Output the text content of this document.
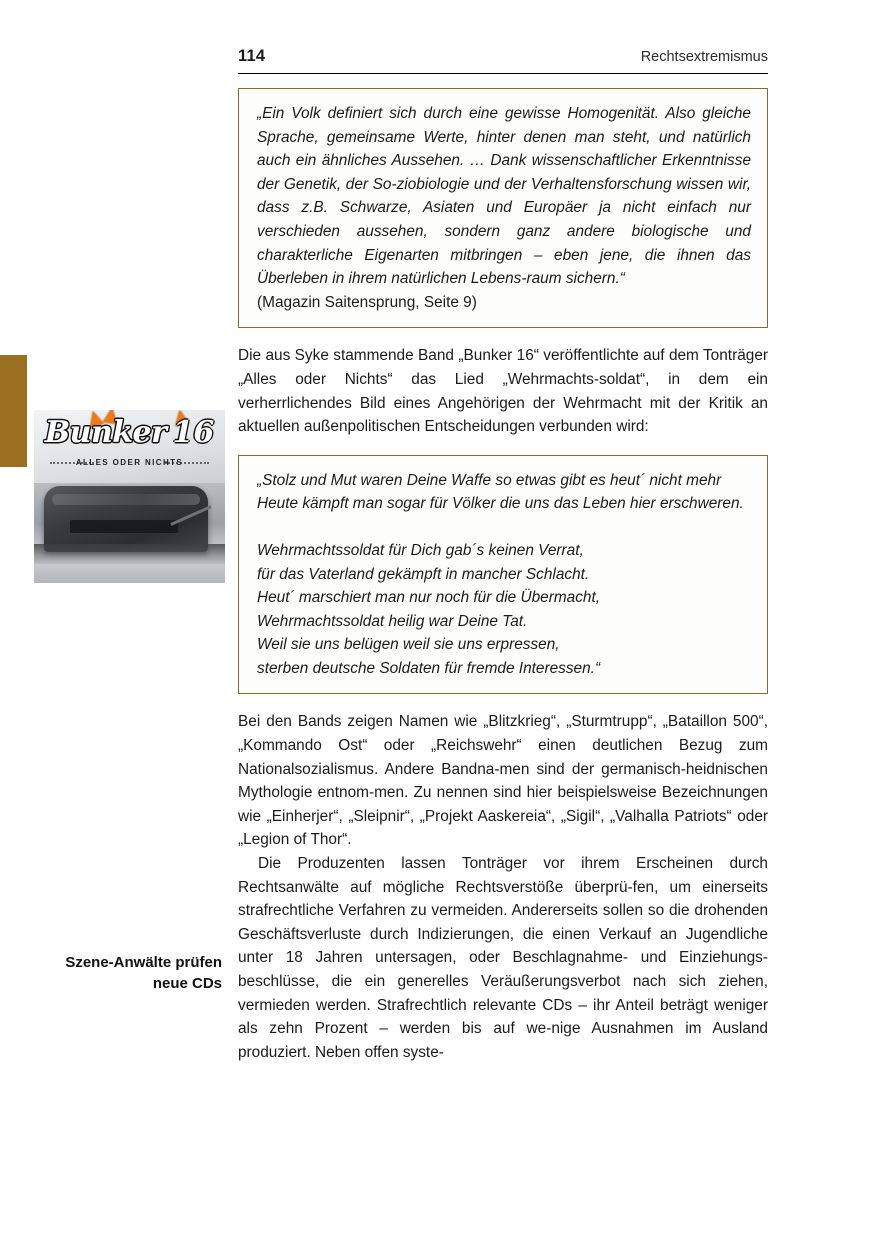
114	Rechtsextremismus
Bunker 16
ALLES ODER NICHTS

„Ein Volk definiert sich durch eine gewisse Homogenität. Also gleiche Sprache, gemeinsame Werte, hinter denen man steht, und natürlich auch ein ähnliches Aussehen. … Dank wissenschaftlicher Erkenntnisse der Genetik, der So-ziobiologie und der Verhaltensforschung wissen wir, dass z.B. Schwarze, Asiaten und Europäer ja nicht einfach nur verschieden aussehen, sondern ganz andere biologische und charakterliche Eigenarten mitbringen – eben jene, die ihnen das Überleben in ihrem natürlichen Lebens-raum sichern.“

(Magazin Saitensprung, Seite 9)

Die aus Syke stammende Band „Bunker 16“ veröffentlichte auf dem Tonträger „Alles oder Nichts“ das Lied „Wehrmachts-soldat“, in dem ein verherrlichendes Bild eines Angehörigen der Wehrmacht mit der Kritik an aktuellen außenpolitischen Entscheidungen verbunden wird:

„Stolz und Mut waren Deine Waffe so etwas gibt es heut´ nicht mehr

Heute kämpft man sogar für Völker die uns das Leben hier erschweren.

Wehrmachtssoldat für Dich gab´s keinen Verrat,

für das Vaterland gekämpft in mancher Schlacht.

Heut´ marschiert man nur noch für die Übermacht,

Wehrmachtssoldat heilig war Deine Tat.

Weil sie uns belügen weil sie uns erpressen,

sterben deutsche Soldaten für fremde Interessen.“

Bei den Bands zeigen Namen wie „Blitzkrieg“, „Sturmtrupp“, „Bataillon 500“, „Kommando Ost“ oder „Reichswehr“ einen deutlichen Bezug zum Nationalsozialismus. Andere Bandna-men sind der germanisch-heidnischen Mythologie entnom-men. Zu nennen sind hier beispielsweise Bezeichnungen wie „Einherjer“, „Sleipnir“, „Projekt Aaskereia“, „Sigil“, „Valhalla Patriots“ oder „Legion of Thor“.

Die Produzenten lassen Tonträger vor ihrem Erscheinen durch Rechtsanwälte auf mögliche Rechtsverstöße überprü-fen, um einerseits strafrechtliche Verfahren zu vermeiden. Andererseits sollen so die drohenden Geschäftsverluste durch Indizierungen, die einen Verkauf an Jugendliche unter 18 Jahren untersagen, oder Beschlagnahme- und Einziehungs-beschlüsse, die ein generelles Veräußerungsverbot nach sich ziehen, vermieden werden. Strafrechtlich relevante CDs – ihr Anteil beträgt weniger als zehn Prozent – werden bis auf we-nige Ausnahmen im Ausland produziert. Neben offen syste-

Szene-Anwälte prüfen neue CDs
